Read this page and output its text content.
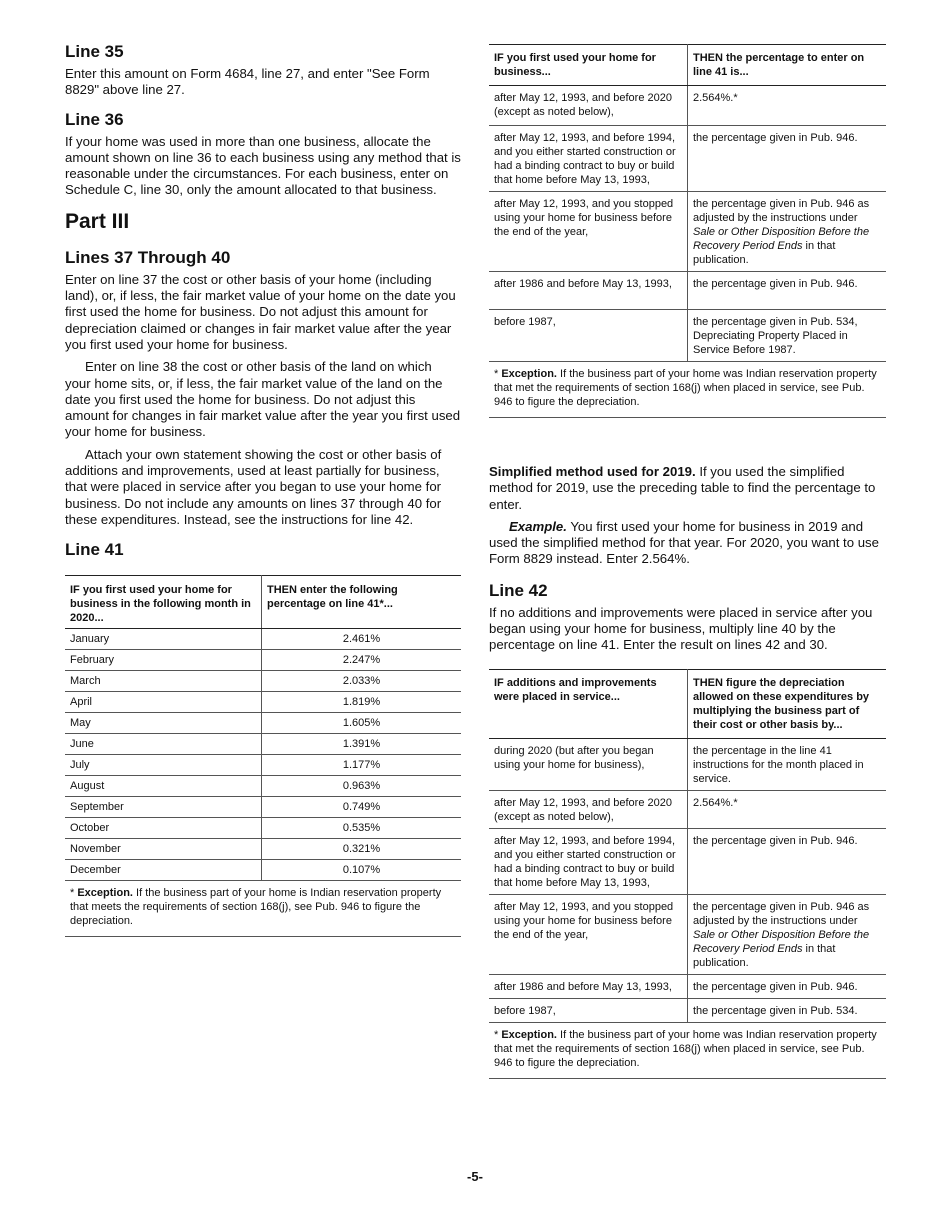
Line 35

Enter this amount on Form 4684, line 27, and enter "See Form 8829" above line 27.

Line 36

If your home was used in more than one business, allocate the amount shown on line 36 to each business using any method that is reasonable under the circumstances. For each business, enter on Schedule C, line 30, only the amount allocated to that business.

Part III
Lines 37 Through 40

Enter on line 37 the cost or other basis of your home (including land), or, if less, the fair market value of your home on the date you first used the home for business. Do not adjust this amount for depreciation claimed or changes in fair market value after the year you first used your home for business.

Enter on line 38 the cost or other basis of the land on which your home sits, or, if less, the fair market value of the land on the date you first used the home for business. Do not adjust this amount for changes in fair market value after the year you first used your home for business.

Attach your own statement showing the cost or other basis of additions and improvements, used at least partially for business, that were placed in service after you began to use your home for business. Do not include any amounts on lines 37 through 40 for these expenditures. Instead, see the instructions for line 42.

Line 41
IF you first used your home for business in the following month in 2020...	THEN enter the following percentage on line 41*...
January	2.461%
February	2.247%
March	2.033%
April	1.819%
May	1.605%
June	1.391%
July	1.177%
August	0.963%
September	0.749%
October	0.535%
November	0.321%
December	0.107%
* Exception. If the business part of your home is Indian reservation property that meets the requirements of section 168(j), see Pub. 946 to figure the depreciation.
IF you first used your home for business...	THEN the percentage to enter on line 41 is...
after May 12, 1993, and before 2020 (except as noted below),	2.564%.*
after May 12, 1993, and before 1994, and you either started construction or had a binding contract to buy or build that home before May 13, 1993,	the percentage given in Pub. 946.
after May 12, 1993, and you stopped using your home for business before the end of the year,	the percentage given in Pub. 946 as adjusted by the instructions under Sale or Other Disposition Before the Recovery Period Ends in that publication.
after 1986 and before May 13, 1993,	the percentage given in Pub. 946.
before 1987,	the percentage given in Pub. 534, Depreciating Property Placed in Service Before 1987.
* Exception. If the business part of your home was Indian reservation property that met the requirements of section 168(j) when placed in service, see Pub. 946 to figure the depreciation.

Simplified method used for 2019. If you used the simplified method for 2019, use the preceding table to find the percentage to enter.

Example. You first used your home for business in 2019 and used the simplified method for that year. For 2020, you want to use Form 8829 instead. Enter 2.564%.

Line 42

If no additions and improvements were placed in service after you began using your home for business, multiply line 40 by the percentage on line 41. Enter the result on lines 42 and 30.

IF additions and improvements were placed in service...	THEN figure the depreciation allowed on these expenditures by multiplying the business part of their cost or other basis by...
during 2020 (but after you began using your home for business),	the percentage in the line 41 instructions for the month placed in service.
after May 12, 1993, and before 2020 (except as noted below),	2.564%.*
after May 12, 1993, and before 1994, and you either started construction or had a binding contract to buy or build that home before May 13, 1993,	the percentage given in Pub. 946.
after May 12, 1993, and you stopped using your home for business before the end of the year,	the percentage given in Pub. 946 as adjusted by the instructions under Sale or Other Disposition Before the Recovery Period Ends in that publication.
after 1986 and before May 13, 1993,	the percentage given in Pub. 946.
before 1987,	the percentage given in Pub. 534.
* Exception. If the business part of your home was Indian reservation property that met the requirements of section 168(j) when placed in service, see Pub. 946 to figure the depreciation.
-5-
